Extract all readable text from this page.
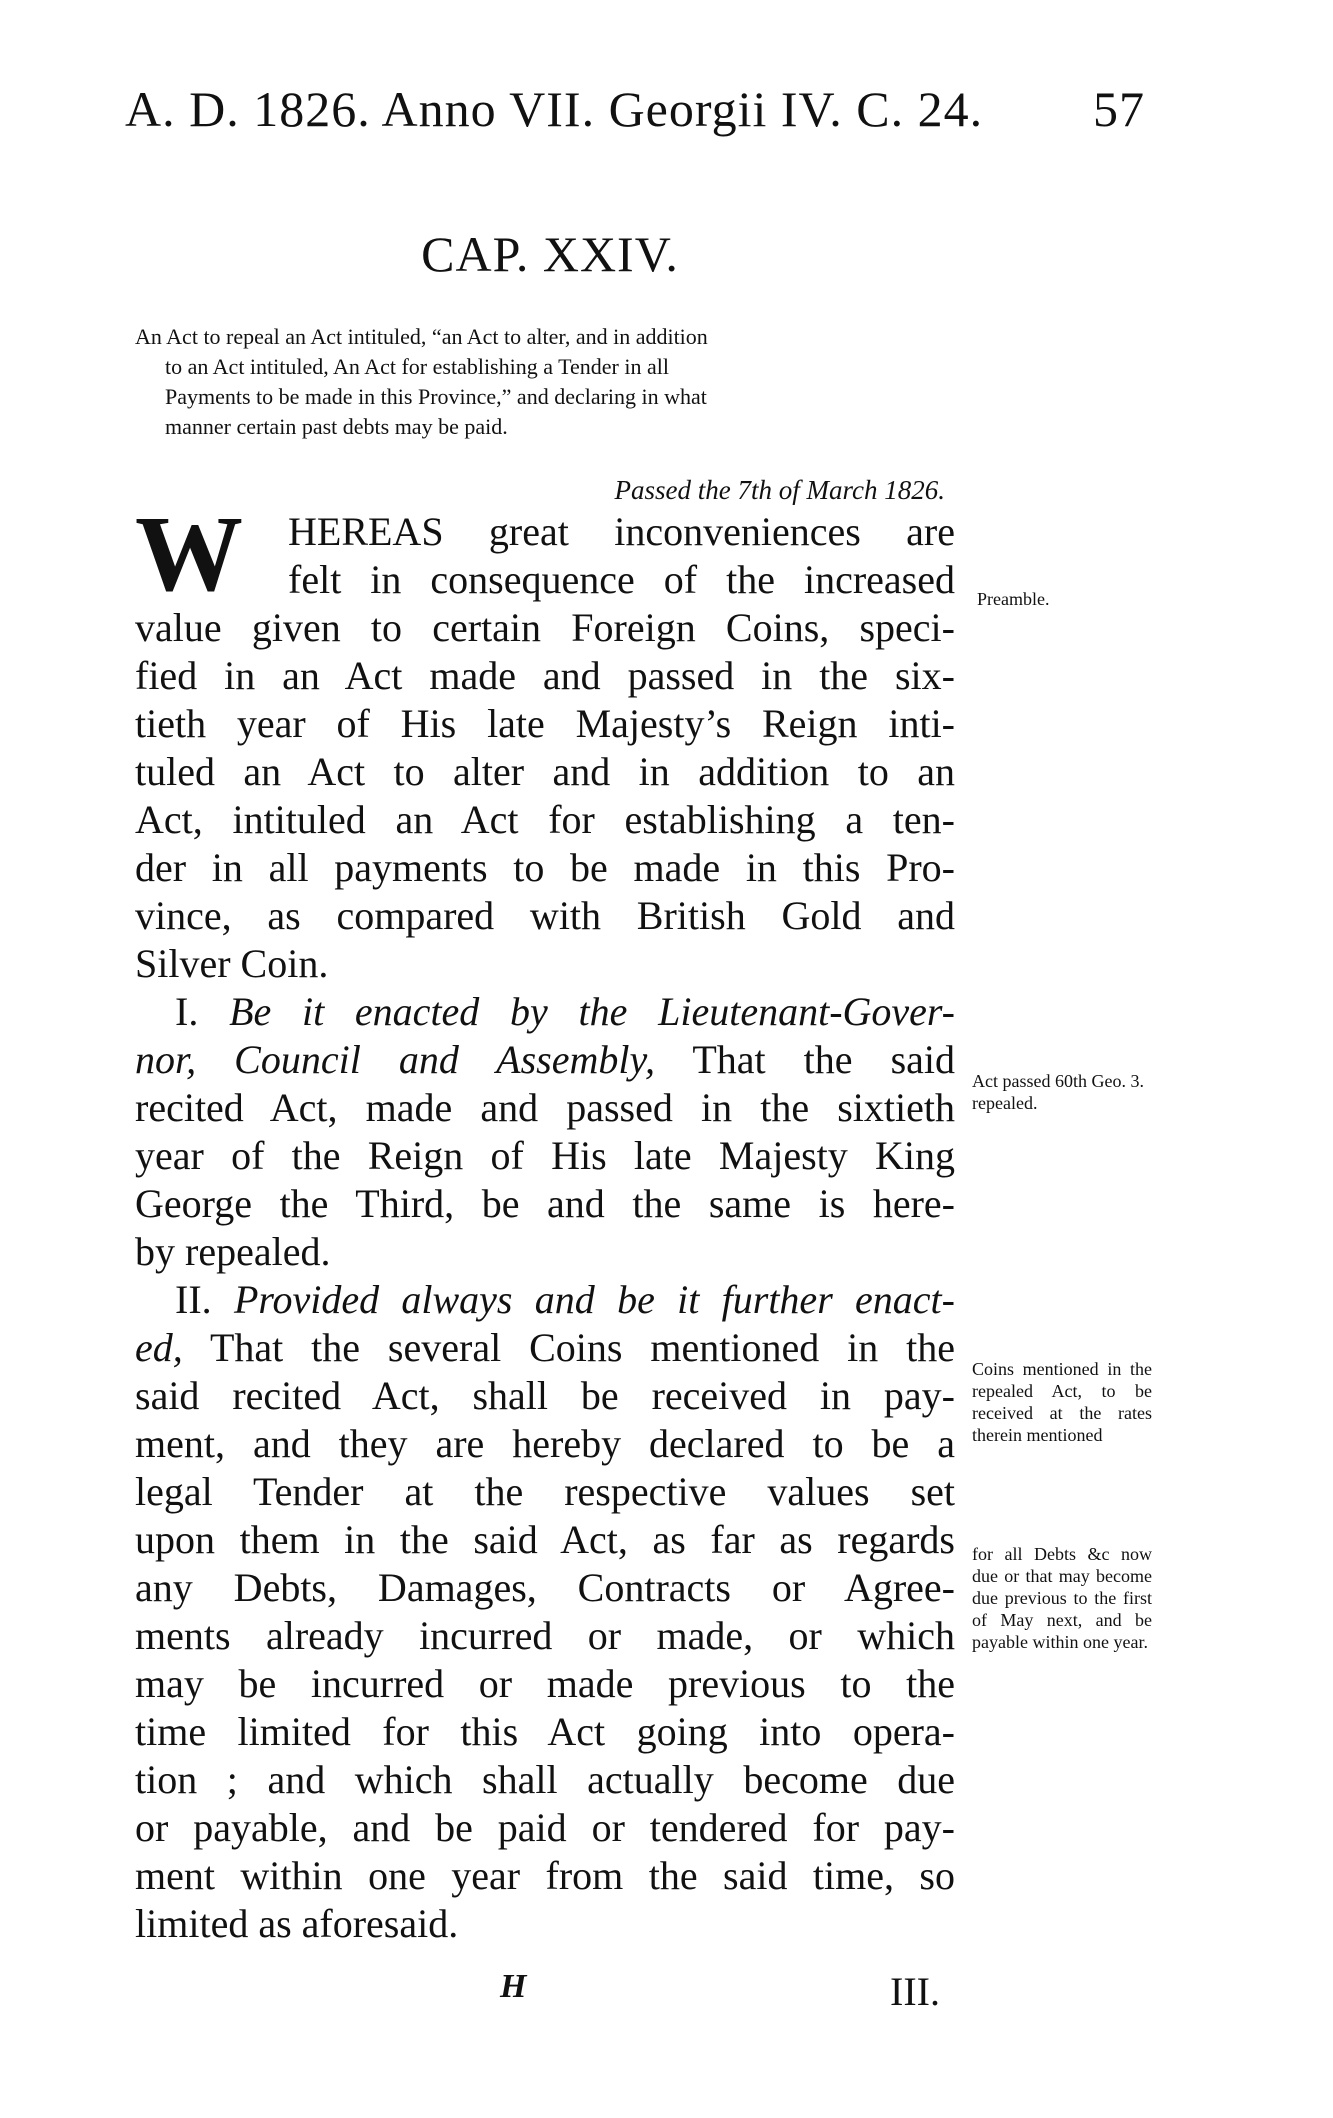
A. D. 1826. Anno VII. Georgii IV. C. 24. 57
CAP. XXIV.
An Act to repeal an Act intituled, “an Act to alter, and in addition
to an Act intituled, An Act for establishing a Tender in all
Payments to be made in this Province,” and declaring in what
manner certain past debts may be paid.
Passed the 7th of March 1826.
W	HEREAS great inconveniences are
felt in consequence of the increased
value given to certain Foreign Coins, speci-
fied in an Act made and passed in the six-
tieth year of His late Majesty’s Reign inti-
tuled an Act to alter and in addition to an
Act, intituled an Act for establishing a ten-
der in all payments to be made in this Pro-
vince, as compared with British Gold and
Silver Coin.
I. Be it enacted by the Lieutenant-Gover-
nor, Council and Assembly, That the said
recited Act, made and passed in the sixtieth
year of the Reign of His late Majesty King
George the Third, be and the same is here-
by repealed.
II. Provided always and be it further enact-
ed, That the several Coins mentioned in the
said recited Act, shall be received in pay-
ment, and they are hereby declared to be a
legal Tender at the respective values set
upon them in the said Act, as far as regards
any Debts, Damages, Contracts or Agree-
ments already incurred or made, or which
may be incurred or made previous to the
time limited for this Act going into opera-
tion ; and which shall actually become due
or payable, and be paid or tendered for pay-
ment within one year from the said time, so
limited as aforesaid.
Preamble.
Act passed 60th Geo. 3. repealed.
Coins mentioned in the repealed Act, to be received at the rates therein mentioned
for all Debts &c now due or that may become due previous to the first of May next, and be payable within one year.
H	III.
